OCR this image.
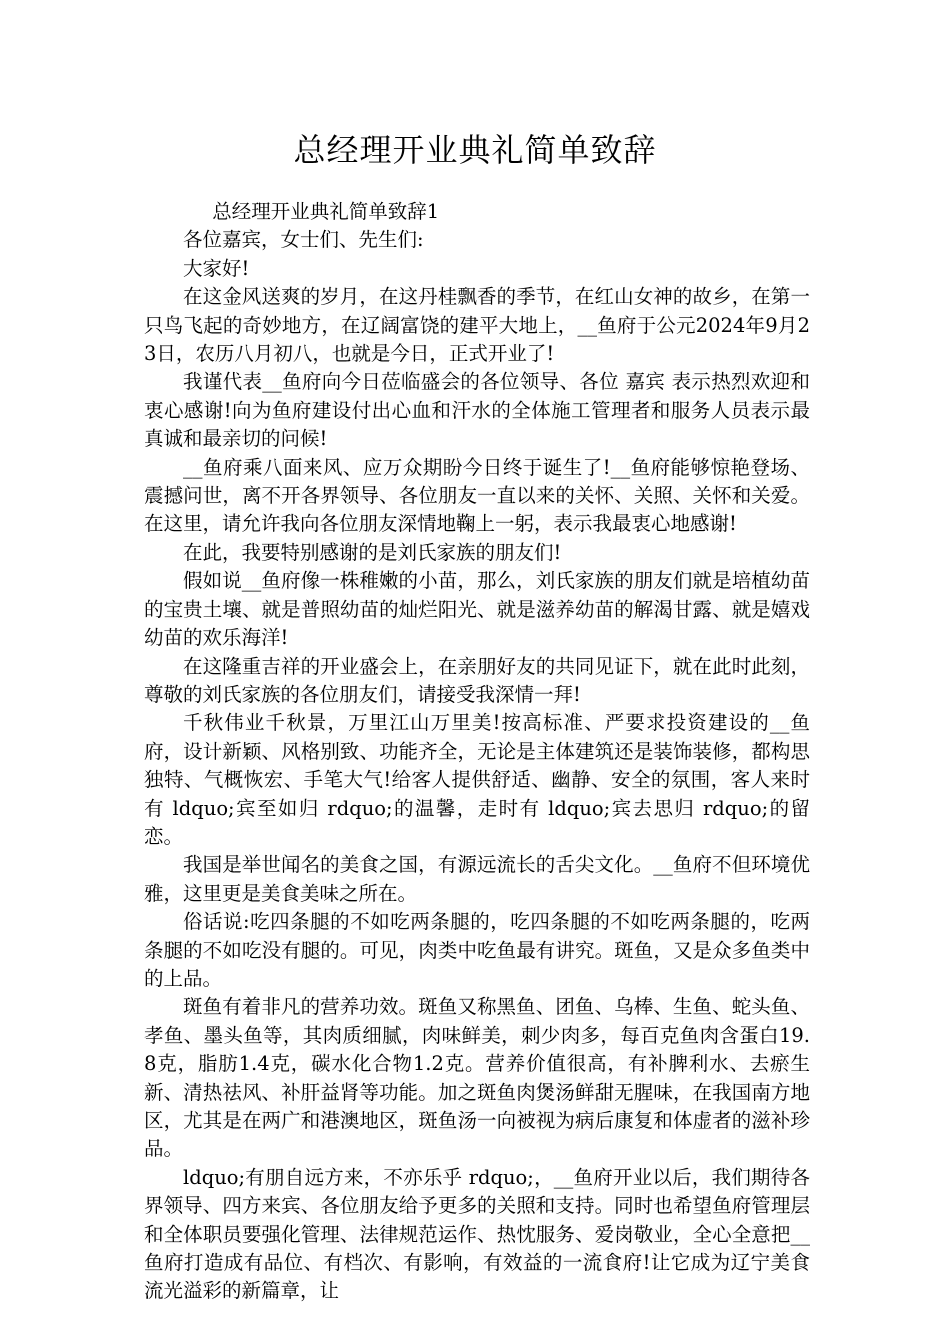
总经理开业典礼简单致辞

总经理开业典礼简单致辞1

各位嘉宾，女士们、先生们:

大家好!

在这金风送爽的岁月，在这丹桂飘香的季节，在红山女神的故乡，在第一只鸟飞起的奇妙地方，在辽阔富饶的建平大地上，__鱼府于公元2024年9月23日，农历八月初八，也就是今日，正式开业了!

我谨代表__鱼府向今日莅临盛会的各位领导、各位 嘉宾 表示热烈欢迎和衷心感谢!向为鱼府建设付出心血和汗水的全体施工管理者和服务人员表示最真诚和最亲切的问候!

__鱼府乘八面来风、应万众期盼今日终于诞生了!__鱼府能够惊艳登场、震撼问世，离不开各界领导、各位朋友一直以来的关怀、关照、关怀和关爱。在这里，请允许我向各位朋友深情地鞠上一躬，表示我最衷心地感谢!

在此，我要特别感谢的是刘氏家族的朋友们!

假如说__鱼府像一株稚嫩的小苗，那么，刘氏家族的朋友们就是培植幼苗的宝贵土壤、就是普照幼苗的灿烂阳光、就是滋养幼苗的解渴甘露、就是嬉戏幼苗的欢乐海洋!

在这隆重吉祥的开业盛会上，在亲朋好友的共同见证下，就在此时此刻，尊敬的刘氏家族的各位朋友们，请接受我深情一拜!

千秋伟业千秋景，万里江山万里美!按高标准、严要求投资建设的__鱼府，设计新颖、风格别致、功能齐全，无论是主体建筑还是装饰装修，都构思独特、气概恢宏、手笔大气!给客人提供舒适、幽静、安全的氛围，客人来时有 ldquo;宾至如归 rdquo;的温馨，走时有 ldquo;宾去思归 rdquo;的留恋。

我国是举世闻名的美食之国，有源远流长的舌尖文化。__鱼府不但环境优雅，这里更是美食美味之所在。

俗话说:吃四条腿的不如吃两条腿的，吃四条腿的不如吃两条腿的，吃两条腿的不如吃没有腿的。可见，肉类中吃鱼最有讲究。斑鱼，又是众多鱼类中的上品。

斑鱼有着非凡的营养功效。斑鱼又称黑鱼、团鱼、乌棒、生鱼、蛇头鱼、孝鱼、墨头鱼等，其肉质细腻，肉味鲜美，刺少肉多，每百克鱼肉含蛋白19.8克，脂肪1.4克，碳水化合物1.2克。营养价值很高，有补脾利水、去瘀生新、清热祛风、补肝益肾等功能。加之斑鱼肉煲汤鲜甜无腥味，在我国南方地区，尤其是在两广和港澳地区，斑鱼汤一向被视为病后康复和体虚者的滋补珍品。

ldquo;有朋自远方来，不亦乐乎 rdquo;，__鱼府开业以后，我们期待各界领导、四方来宾、各位朋友给予更多的关照和支持。同时也希望鱼府管理层和全体职员要强化管理、法律规范运作、热忱服务、爱岗敬业，全心全意把__鱼府打造成有品位、有档次、有影响，有效益的一流食府!让它成为辽宁美食流光溢彩的新篇章，让
